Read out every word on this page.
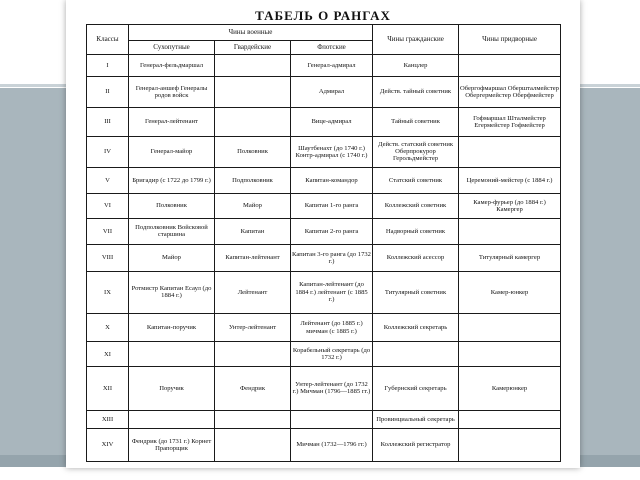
ТАБЕЛЬ О РАНГАХ
Классы	Чины военные			Чины гражданские	Чины придворные
	Сухопутные	Гвардейские	Флотские		
I	Генерал-фельдмаршал		Генерал-адмирал	Канцлер	
II	Генерал-аншеф Генералы родов войск		Адмирал	Действ. тайный советник	Обергофмаршал Обершталмейстер Обергермейстер Оберфмейстер
III	Генерал-лейтенант		Вице-адмирал	Тайный советник	Гофмаршал Шталмейстер Егермейстер Гофмейстер
IV	Генерал-майор	Полковник	Шаутбенахт (до 1740 г.) Контр-адмирал (с 1740 г.)	Действ. статский советник Оберпрокурор Герольдмейстер	
V	Бригадир (с 1722 до 1799 г.)	Подполковник	Капитан-командор	Статский советник	Церемоний-мейстер (с 1884 г.)
VI	Полковник	Майор	Капитан 1-го ранга	Коллежский советник	Камер-фурьер (до 1884 г.) Камергер
VII	Подполковник Войсковой старшина	Капитан	Капитан 2-го ранга	Надворный советник	
VIII	Майор	Капитан-лейтенант	Капитан 3-го ранга (до 1732 г.)	Коллежский асессор	Титулярный камергер
IX	Ротмистр Капитан Есаул (до 1884 г.)	Лейтенант	Капитан-лейтенант (до 1884 г.) лейтенант (с 1885 г.)	Титулярный советник	Камер-юнкер
X	Капитан-поручик	Унтер-лейтенант	Лейтенант (до 1885 г.) мичман (с 1885 г.)	Коллежский секретарь	
XI			Корабельный секретарь (до 1732 г.)		
XII	Поручик	Фендрик	Унтер-лейтенант (до 1732 г.) Мичман (1796—1885 гг.)	Губернский секретарь	Камерюнкер
XIII				Провинциальный секретарь	
XIV	Фендрик (до 1731 г.) Корнет Прапорщик		Мичман (1732—1796 гг.)	Коллежский регистратор	
